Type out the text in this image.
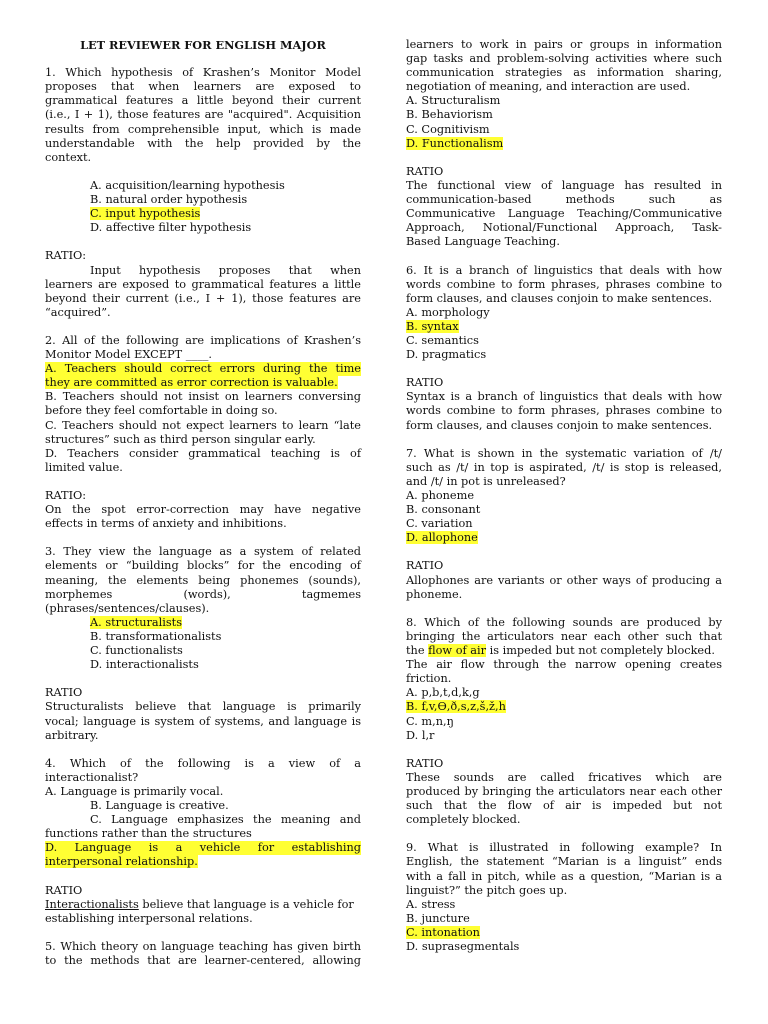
LET REVIEWER FOR ENGLISH MAJOR

1. Which hypothesis of Krashen’s Monitor Model

proposes that when learners are exposed to

grammatical features a little beyond their current

(i.e., I + 1), those features are "acquired". Acquisition

results from comprehensible input, which is made

understandable with the help provided by the

context.

A. acquisition/learning hypothesis

B. natural order hypothesis

C. input hypothesis

D. affective filter hypothesis

RATIO:

Input hypothesis proposes that when

learners are exposed to grammatical features a little

beyond their current (i.e., I + 1), those features are

“acquired”.

2. All of the following are implications of Krashen’s

Monitor Model EXCEPT ____.

A. Teachers should correct errors during the time

they are committed as error correction is valuable.

B. Teachers should not insist on learners conversing

before they feel comfortable in doing so.

C. Teachers should not expect learners to learn “late

structures” such as third person singular early.

D. Teachers consider grammatical teaching is of

limited value.

RATIO:

On the spot error-correction may have negative

effects in terms of anxiety and inhibitions.

3. They view the language as a system of related

elements or “building blocks” for the encoding of

meaning, the elements being phonemes (sounds),

morphemes (words), tagmemes

(phrases/sentences/clauses).

A. structuralists

B. transformationalists

C. functionalists

D. interactionalists

RATIO

Structuralists believe that language is primarily

vocal; language is system of systems, and language is

arbitrary.

4. Which of the following is a view of a

interactionalist?

A. Language is primarily vocal.

B. Language is creative.

C. Language emphasizes the meaning and

functions rather than the structures

D. Language is a vehicle for establishing

interpersonal relationship.

RATIO

Interactionalists believe that language is a vehicle for

establishing interpersonal relations.

5. Which theory on language teaching has given birth

to the methods that are learner-centered, allowing

learners to work in pairs or groups in information

gap tasks and problem-solving activities where such

communication strategies as information sharing,

negotiation of meaning, and interaction are used.

A. Structuralism

B. Behaviorism

C. Cognitivism

D. Functionalism

RATIO

The functional view of language has resulted in

communication-based methods such as

Communicative Language Teaching/Communicative

Approach, Notional/Functional Approach, Task-

Based Language Teaching.

6. It is a branch of linguistics that deals with how

words combine to form phrases, phrases combine to

form clauses, and clauses conjoin to make sentences.

A. morphology

B. syntax

C. semantics

D. pragmatics

RATIO

Syntax is a branch of linguistics that deals with how

words combine to form phrases, phrases combine to

form clauses, and clauses conjoin to make sentences.

7. What is shown in the systematic variation of /t/

such as /t/ in top is aspirated, /t/ is stop is released,

and /t/ in pot is unreleased?

A. phoneme

B. consonant

C. variation

D. allophone

RATIO

Allophones are variants or other ways of producing a

phoneme.

8. Which of the following sounds are produced by

bringing the articulators near each other such that

the flow of air is impeded but not completely blocked.

The air flow through the narrow opening creates

friction.

A. p,b,t,d,k,g

B. f,v,Ɵ,ð,s,z,š,ž,h

C. m,n,ŋ

D. l,r

RATIO

These sounds are called fricatives which are

produced by bringing the articulators near each other

such that the flow of air is impeded but not

completely blocked.

9. What is illustrated in following example? In

English, the statement “Marian is a linguist” ends

with a fall in pitch, while as a question, “Marian is a

linguist?” the pitch goes up.

A. stress

B. juncture

C. intonation

D. suprasegmentals
